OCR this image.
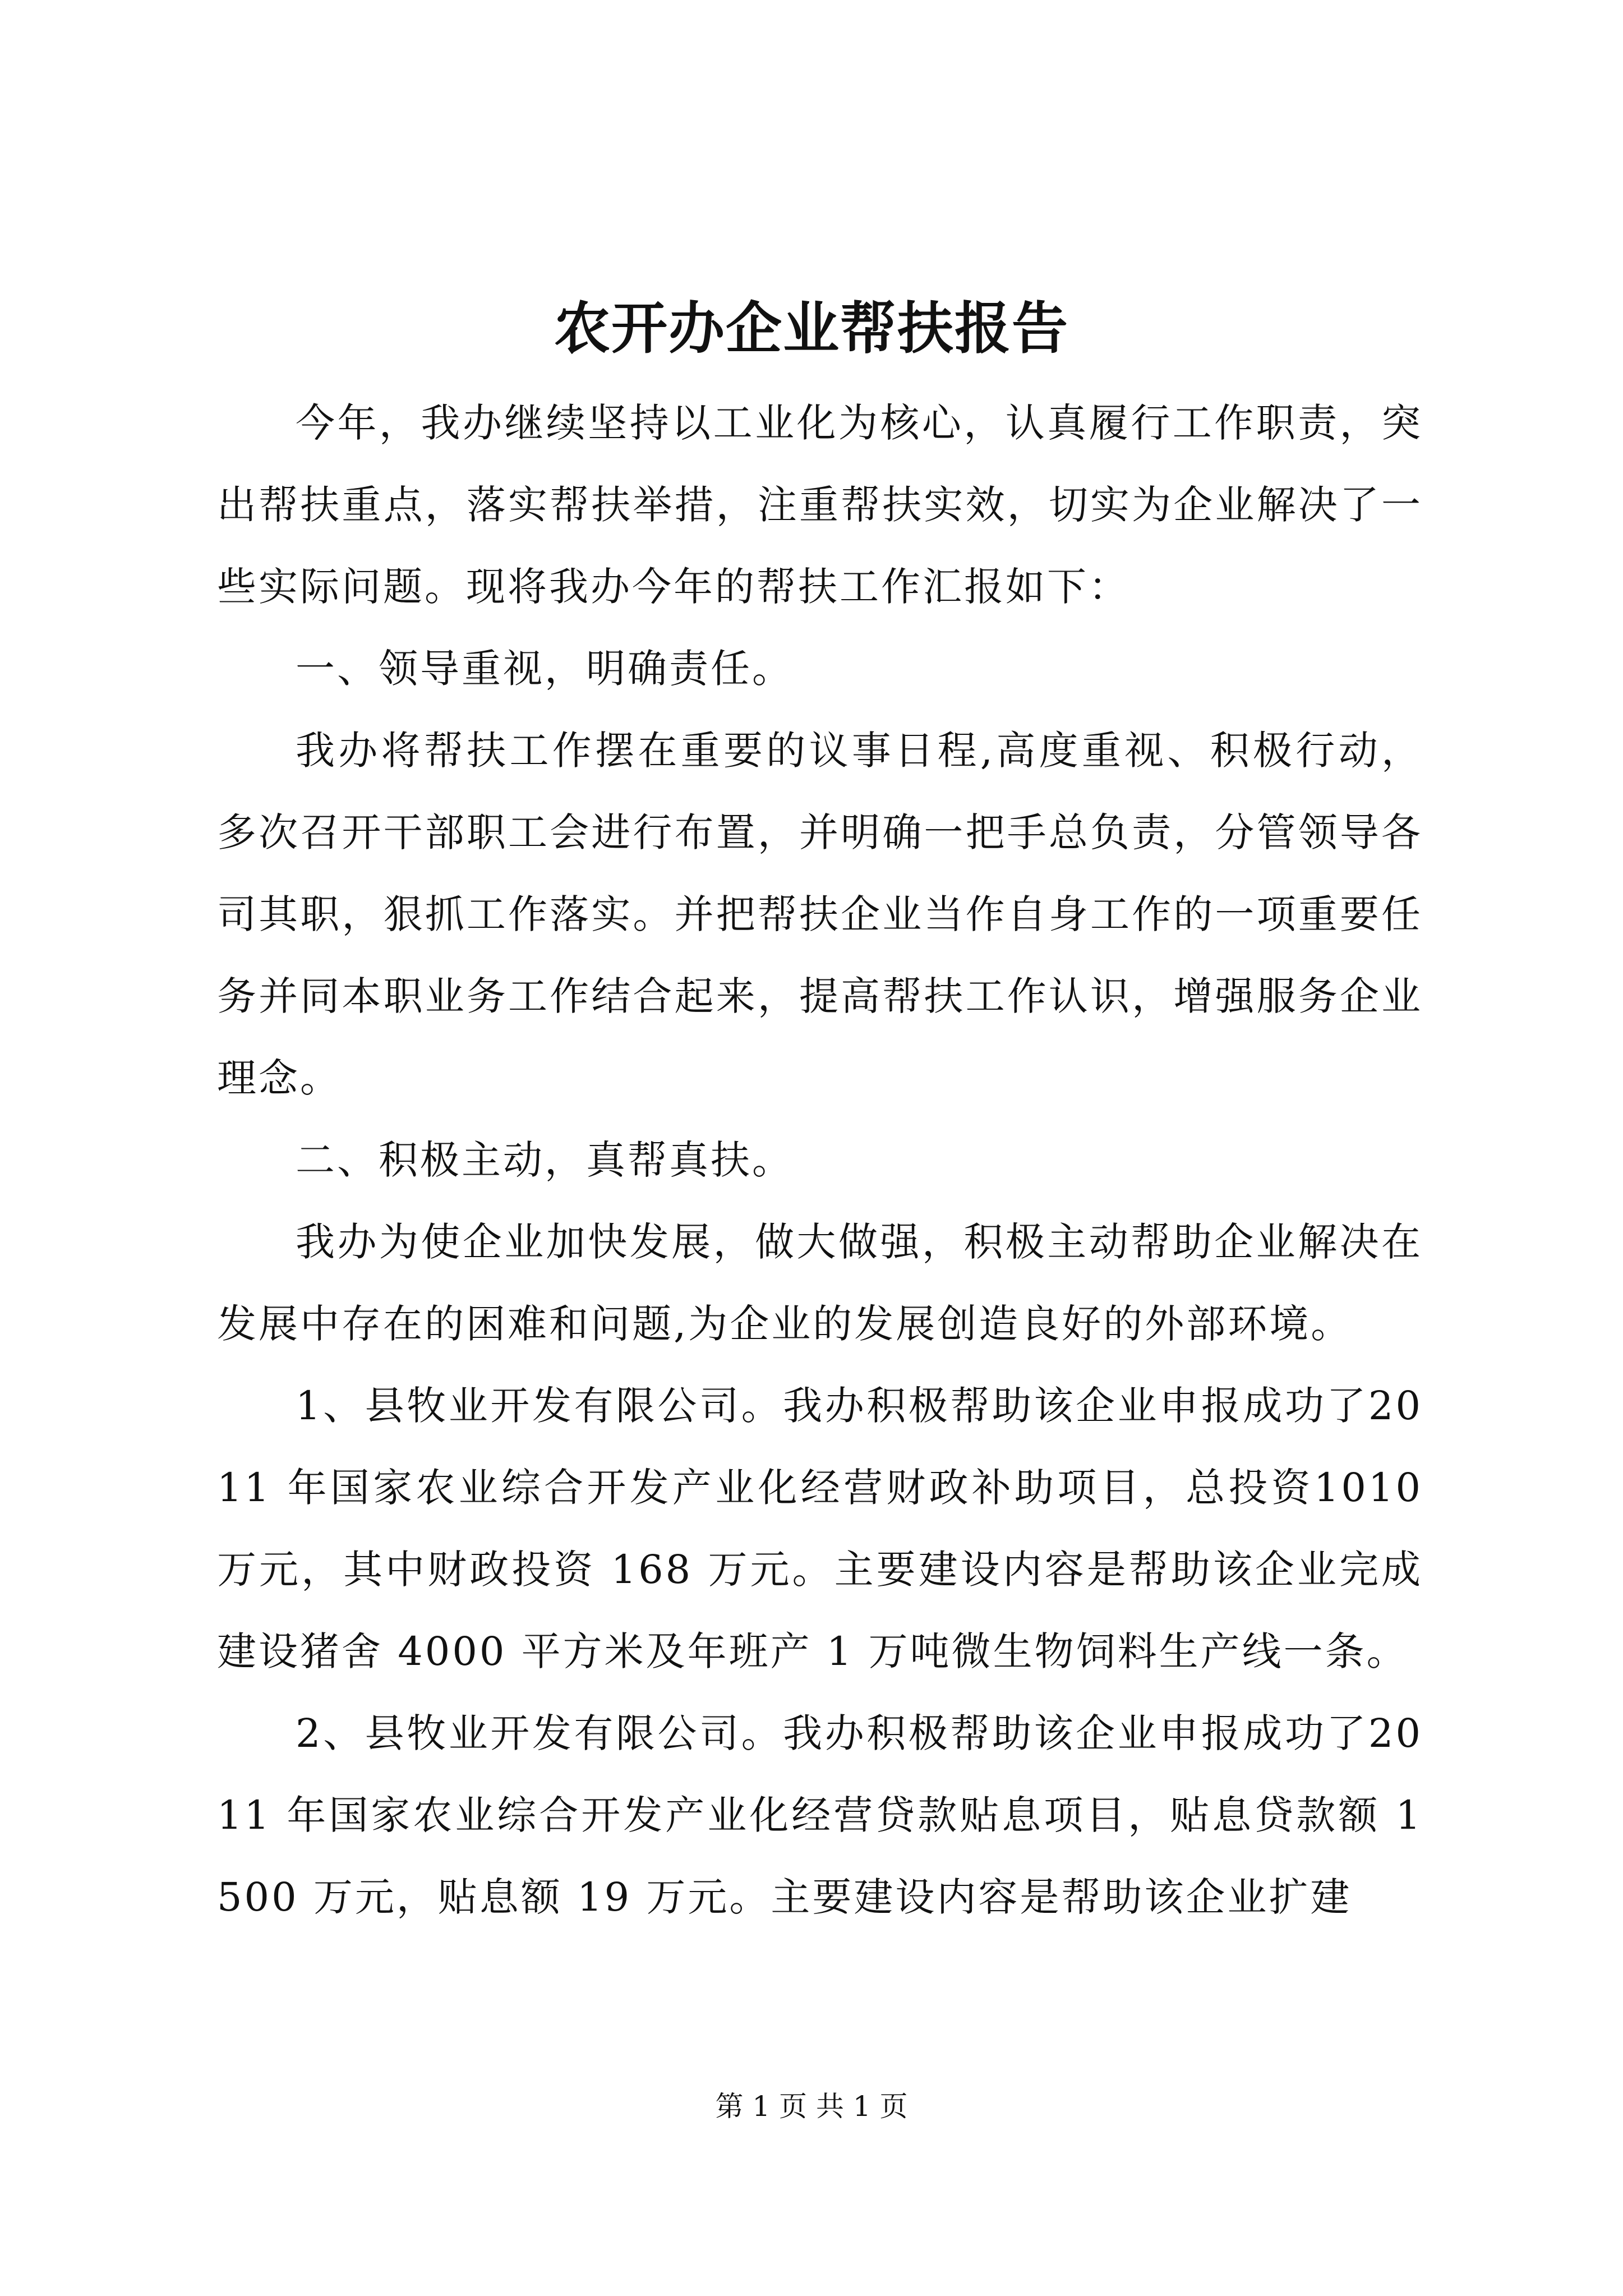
农开办企业帮扶报告

今年，我办继续坚持以工业化为核心，认真履行工作职责，突出帮扶重点，落实帮扶举措，注重帮扶实效，切实为企业解决了一些实际问题。现将我办今年的帮扶工作汇报如下：

一、领导重视，明确责任。

我办将帮扶工作摆在重要的议事日程,高度重视、积极行动，多次召开干部职工会进行布置，并明确一把手总负责，分管领导各司其职，狠抓工作落实。并把帮扶企业当作自身工作的一项重要任务并同本职业务工作结合起来，提高帮扶工作认识，增强服务企业理念。

二、积极主动，真帮真扶。

我办为使企业加快发展，做大做强，积极主动帮助企业解决在发展中存在的困难和问题,为企业的发展创造良好的外部环境。

1、县牧业开发有限公司。我办积极帮助该企业申报成功了2011 年国家农业综合开发产业化经营财政补助项目，总投资1010 万元，其中财政投资 168 万元。主要建设内容是帮助该企业完成建设猪舍 4000 平方米及年班产 1 万吨微生物饲料生产线一条。

2、县牧业开发有限公司。我办积极帮助该企业申报成功了2011 年国家农业综合开发产业化经营贷款贴息项目，贴息贷款额 1500 万元，贴息额 19 万元。主要建设内容是帮助该企业扩建

第 1 页 共 1 页
